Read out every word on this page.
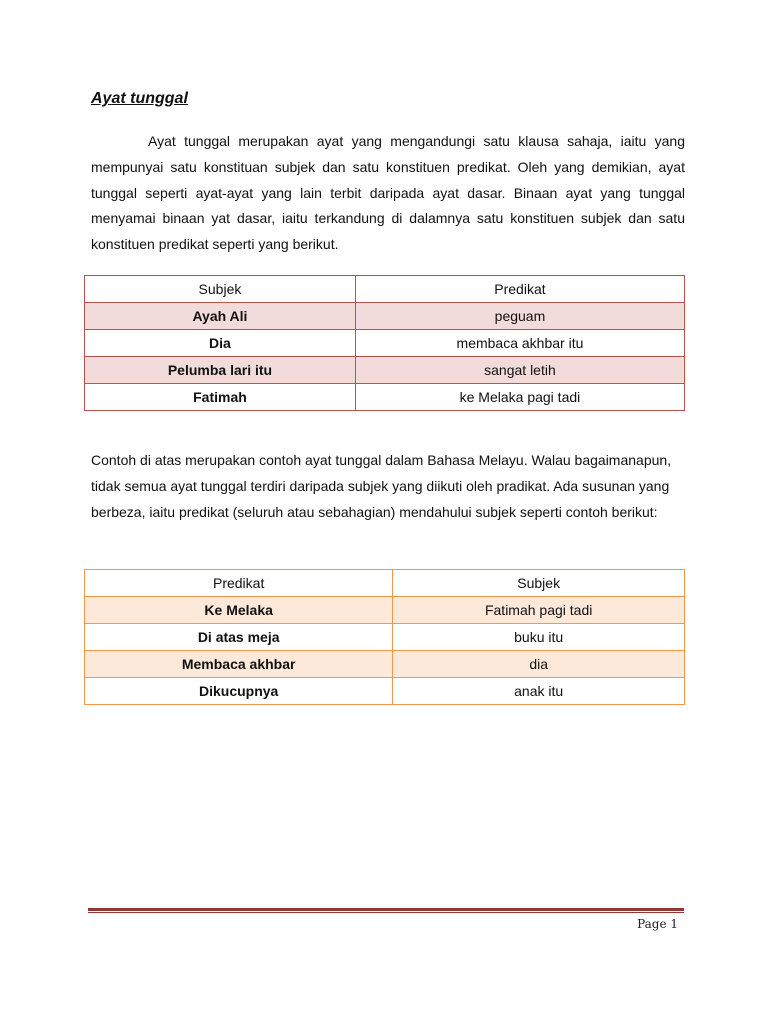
Ayat tunggal

Ayat tunggal merupakan ayat yang mengandungi satu klausa sahaja, iaitu yang mempunyai satu konstituan subjek dan satu konstituen predikat. Oleh yang demikian, ayat tunggal seperti ayat-ayat yang lain terbit daripada ayat dasar. Binaan ayat yang tunggal menyamai binaan yat dasar, iaitu terkandung di dalamnya satu konstituen subjek dan satu konstituen predikat seperti yang berikut.

Subjek	Predikat
Ayah Ali	peguam
Dia	membaca akhbar itu
Pelumba lari itu	sangat letih
Fatimah	ke Melaka pagi tadi

Contoh di atas merupakan contoh ayat tunggal dalam Bahasa Melayu. Walau bagaimanapun, tidak semua ayat tunggal terdiri daripada subjek yang diikuti oleh pradikat. Ada susunan yang berbeza, iaitu predikat (seluruh atau sebahagian) mendahului subjek seperti contoh berikut:

Predikat	Subjek
Ke Melaka	Fatimah pagi tadi
Di atas meja	buku itu
Membaca akhbar	dia
Dikucupnya	anak itu
Page 1
